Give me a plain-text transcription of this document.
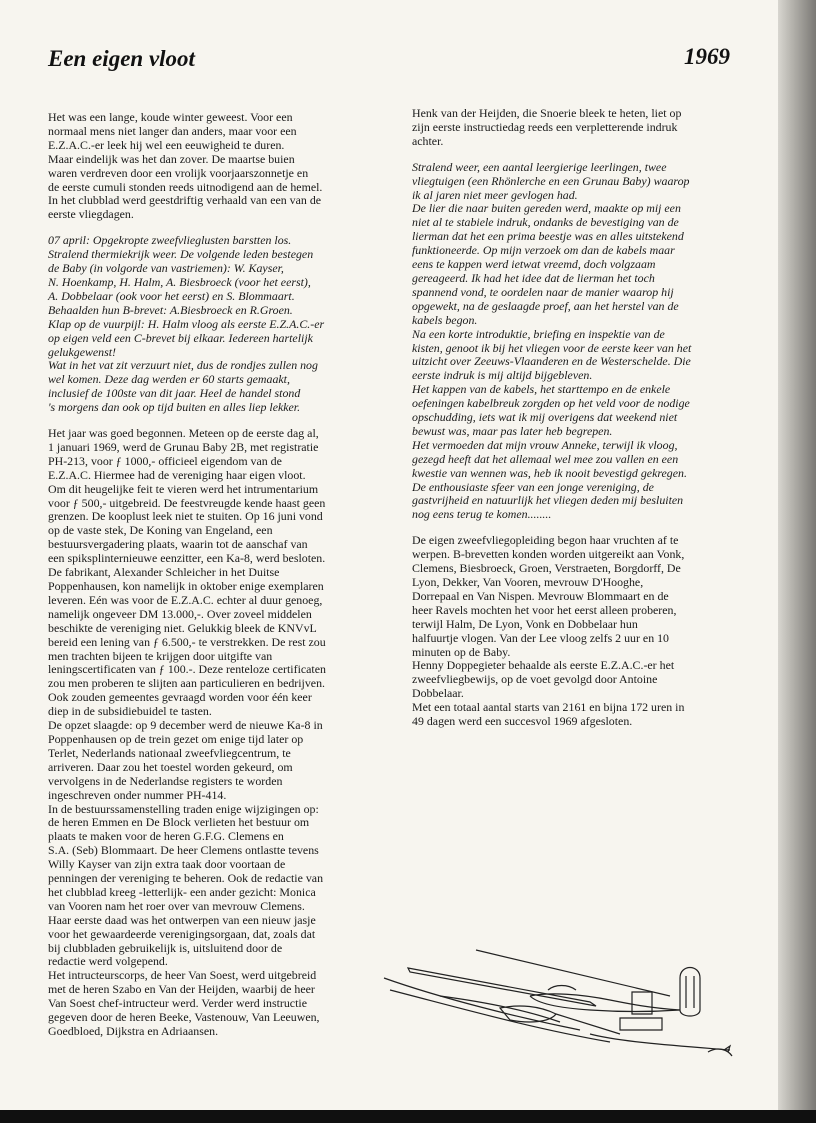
Een eigen vloot	1969

Het was een lange, koude winter geweest. Voor een
normaal mens niet langer dan anders, maar voor een
E.Z.A.C.-er leek hij wel een eeuwigheid te duren.
Maar eindelijk was het dan zover. De maartse buien
waren verdreven door een vrolijk voorjaarszonnetje en
de eerste cumuli stonden reeds uitnodigend aan de hemel.
In het clubblad werd geestdriftig verhaald van een van de
eerste vliegdagen.

07 april: Opgekropte zweefvlieglusten barstten los.
Stralend thermiekrijk weer. De volgende leden bestegen
de Baby (in volgorde van vastriemen): W. Kayser,
N. Hoenkamp, H. Halm, A. Biesbroeck (voor het eerst),
A. Dobbelaar (ook voor het eerst) en S. Blommaart.
Behaalden hun B-brevet: A.Biesbroeck en R.Groen.
Klap op de vuurpijl: H. Halm vloog als eerste E.Z.A.C.-er
op eigen veld een C-brevet bij elkaar. Iedereen hartelijk
gelukgewenst!
Wat in het vat zit verzuurt niet, dus de rondjes zullen nog
wel komen. Deze dag werden er 60 starts gemaakt,
inclusief de 100ste van dit jaar. Heel de handel stond
's morgens dan ook op tijd buiten en alles liep lekker.

Het jaar was goed begonnen. Meteen op de eerste dag al,
1 januari 1969, werd de Grunau Baby 2B, met registratie
PH-213, voor ƒ 1000,- officieel eigendom van de
E.Z.A.C. Hiermee had de vereniging haar eigen vloot.
Om dit heugelijke feit te vieren werd het intrumentarium
voor ƒ 500,- uitgebreid. De feestvreugde kende haast geen
grenzen. De kooplust leek niet te stuiten. Op 16 juni vond
op de vaste stek, De Koning van Engeland, een
bestuursvergadering plaats, waarin tot de aanschaf van
een spiksplinternieuwe eenzitter, een Ka-8, werd besloten.
De fabrikant, Alexander Schleicher in het Duitse
Poppenhausen, kon namelijk in oktober enige exemplaren
leveren. Eén was voor de E.Z.A.C. echter al duur genoeg,
namelijk ongeveer DM 13.000,-. Over zoveel middelen
beschikte de vereniging niet. Gelukkig bleek de KNVvL
bereid een lening van ƒ 6.500,- te verstrekken. De rest zou
men trachten bijeen te krijgen door uitgifte van
leningscertificaten van ƒ 100.-. Deze renteloze certificaten
zou men proberen te slijten aan particulieren en bedrijven.
Ook zouden gemeentes gevraagd worden voor één keer
diep in de subsidiebuidel te tasten.
De opzet slaagde: op 9 december werd de nieuwe Ka-8 in
Poppenhausen op de trein gezet om enige tijd later op
Terlet, Nederlands nationaal zweefvliegcentrum, te
arriveren. Daar zou het toestel worden gekeurd, om
vervolgens in de Nederlandse registers te worden
ingeschreven onder nummer PH-414.
In de bestuurssamenstelling traden enige wijzigingen op:
de heren Emmen en De Block verlieten het bestuur om
plaats te maken voor de heren G.F.G. Clemens en
S.A. (Seb) Blommaart. De heer Clemens ontlastte tevens
Willy Kayser van zijn extra taak door voortaan de
penningen der vereniging te beheren. Ook de redactie van
het clubblad kreeg -letterlijk- een ander gezicht: Monica
van Vooren nam het roer over van mevrouw Clemens.
Haar eerste daad was het ontwerpen van een nieuw jasje
voor het gewaardeerde verenigingsorgaan, dat, zoals dat
bij clubbladen gebruikelijk is, uitsluitend door de
redactie werd volgepend.
Het intructeurscorps, de heer Van Soest, werd uitgebreid
met de heren Szabo en Van der Heijden, waarbij de heer
Van Soest chef-intructeur werd. Verder werd instructie
gegeven door de heren Beeke, Vastenouw, Van Leeuwen,
Goedbloed, Dijkstra en Adriaansen.

Henk van der Heijden, die Snoerie bleek te heten, liet op
zijn eerste instructiedag reeds een verpletterende indruk
achter.

Stralend weer, een aantal leergierige leerlingen, twee
vliegtuigen (een Rhönlerche en een Grunau Baby) waarop
ik al jaren niet meer gevlogen had.
De lier die naar buiten gereden werd, maakte op mij een
niet al te stabiele indruk, ondanks de bevestiging van de
lierman dat het een prima beestje was en alles uitstekend
funktioneerde. Op mijn verzoek om dan de kabels maar
eens te kappen werd ietwat vreemd, doch volgzaam
gereageerd. Ik had het idee dat de lierman het toch
spannend vond, te oordelen naar de manier waarop hij
opgewekt, na de geslaagde proef, aan het herstel van de
kabels begon.
Na een korte introduktie, briefing en inspektie van de
kisten, genoot ik bij het vliegen voor de eerste keer van het
uitzicht over Zeeuws-Vlaanderen en de Westerschelde. Die
eerste indruk is mij altijd bijgebleven.
Het kappen van de kabels, het starttempo en de enkele
oefeningen kabelbreuk zorgden op het veld voor de nodige
opschudding, iets wat ik mij overigens dat weekend niet
bewust was, maar pas later heb begrepen.
Het vermoeden dat mijn vrouw Anneke, terwijl ik vloog,
gezegd heeft dat het allemaal wel mee zou vallen en een
kwestie van wennen was, heb ik nooit bevestigd gekregen.
De enthousiaste sfeer van een jonge vereniging, de
gastvrijheid en natuurlijk het vliegen deden mij besluiten
nog eens terug te komen........

De eigen zweefvliegopleiding begon haar vruchten af te
werpen. B-brevetten konden worden uitgereikt aan Vonk,
Clemens, Biesbroeck, Groen, Verstraeten, Borgdorff, De
Lyon, Dekker, Van Vooren, mevrouw D'Hooghe,
Dorrepaal en Van Nispen. Mevrouw Blommaart en de
heer Ravels mochten het voor het eerst alleen proberen,
terwijl Halm, De Lyon, Vonk en Dobbelaar hun
halfuurtje vlogen. Van der Lee vloog zelfs 2 uur en 10
minuten op de Baby.
Henny Doppegieter behaalde als eerste E.Z.A.C.-er het
zweefvliegbewijs, op de voet gevolgd door Antoine
Dobbelaar.
Met een totaal aantal starts van 2161 en bijna 172 uren in
49 dagen werd een succesvol 1969 afgesloten.
